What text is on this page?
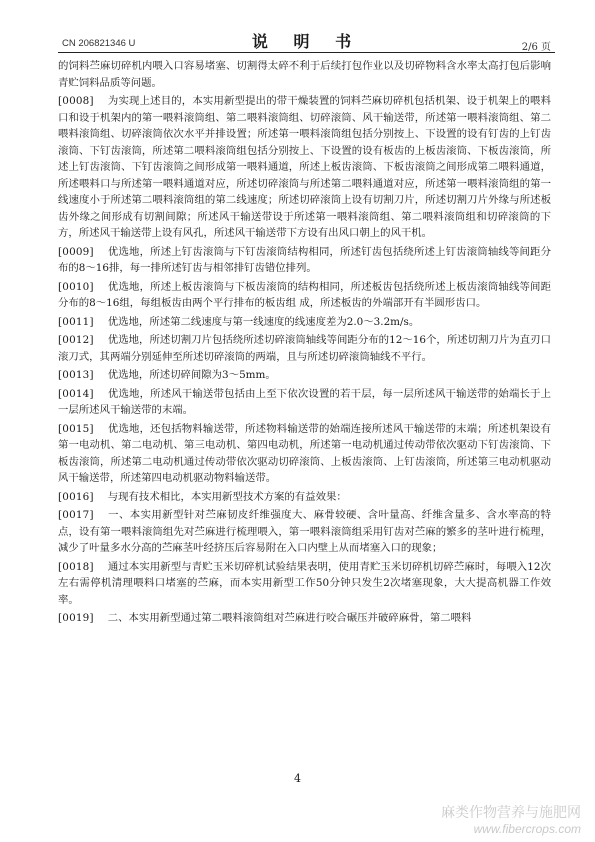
CN 206821346 U	说 明 书	2/6 页

的饲料苎麻切碎机内喂入口容易堵塞、切割得太碎不利于后续打包作业以及切碎物料含水率太高打包后影响青贮饲料品质等问题。

[0008] 为实现上述目的，本实用新型提出的带干燥装置的饲料苎麻切碎机包括机架、设于机架上的喂料口和设于机架内的第一喂料滚筒组、第二喂料滚筒组、切碎滚筒、风干输送带，所述第一喂料滚筒组、第二喂料滚筒组、切碎滚筒依次水平并排设置；所述第一喂料滚筒组包括分别按上、下设置的设有钉齿的上钉齿滚筒、下钉齿滚筒，所述第二喂料滚筒组包括分别按上、下设置的设有板齿的上板齿滚筒、下板齿滚筒，所述上钉齿滚筒、下钉齿滚筒之间形成第一喂料通道，所述上板齿滚筒、下板齿滚筒之间形成第二喂料通道，所述喂料口与所述第一喂料通道对应，所述切碎滚筒与所述第二喂料通道对应，所述第一喂料滚筒组的第一线速度小于所述第二喂料滚筒组的第二线速度；所述切碎滚筒上设有切割刀片，所述切割刀片外缘与所述板齿外缘之间形成有切割间隙；所述风干输送带设于所述第一喂料滚筒组、第二喂料滚筒组和切碎滚筒的下方，所述风干输送带上设有风孔，所述风干输送带下方设有出风口朝上的风干机。

[0009] 优选地，所述上钉齿滚筒与下钉齿滚筒结构相同，所述钉齿包括绕所述上钉齿滚筒轴线等间距分布的8～16排，每一排所述钉齿与相邻排钉齿错位排列。

[0010] 优选地，所述上板齿滚筒与下板齿滚筒的结构相同，所述板齿包括绕所述上板齿滚筒轴线等间距分布的8～16组，每组板齿由两个平行排布的板齿组 成，所述板齿的外端部开有半圆形齿口。

[0011] 优选地，所述第二线速度与第一线速度的线速度差为2.0～3.2m/s。

[0012] 优选地，所述切割刀片包括绕所述切碎滚筒轴线等间距分布的12～16个，所述切割刀片为直刃口滚刀式，其两端分别延伸至所述切碎滚筒的两端，且与所述切碎滚筒轴线不平行。

[0013] 优选地，所述切碎间隙为3～5mm。

[0014] 优选地，所述风干输送带包括由上至下依次设置的若干层，每一层所述风干输送带的始端长于上一层所述风干输送带的末端。

[0015] 优选地，还包括物料输送带，所述物料输送带的始端连接所述风干输送带的末端；所述机架设有第一电动机、第二电动机、第三电动机、第四电动机，所述第一电动机通过传动带依次驱动下钉齿滚筒、下板齿滚筒，所述第二电动机通过传动带依次驱动切碎滚筒、上板齿滚筒、上钉齿滚筒，所述第三电动机驱动风干输送带，所述第四电动机驱动物料输送带。

[0016] 与现有技术相比，本实用新型技术方案的有益效果：

[0017] 一、本实用新型针对苎麻韧皮纤维强度大、麻骨较硬、含叶量高、纤维含量多、含水率高的特点，设有第一喂料滚筒组先对苎麻进行梳理喂入，第一喂料滚筒组采用钉齿对苎麻的繁多的茎叶进行梳理，减少了叶量多水分高的苎麻茎叶经挤压后容易附在入口内壁上从而堵塞入口的现象；

[0018] 通过本实用新型与青贮玉米切碎机试验结果表明，使用青贮玉米切碎机切碎苎麻时，每喂入12次左右需停机清理喂料口堵塞的苎麻，而本实用新型工作50分钟只发生2次堵塞现象，大大提高机器工作效率。

[0019] 二、本实用新型通过第二喂料滚筒组对苎麻进行咬合碾压并破碎麻骨，第二喂料

4
麻类作物营养与施肥网
www.fibercrops.com
